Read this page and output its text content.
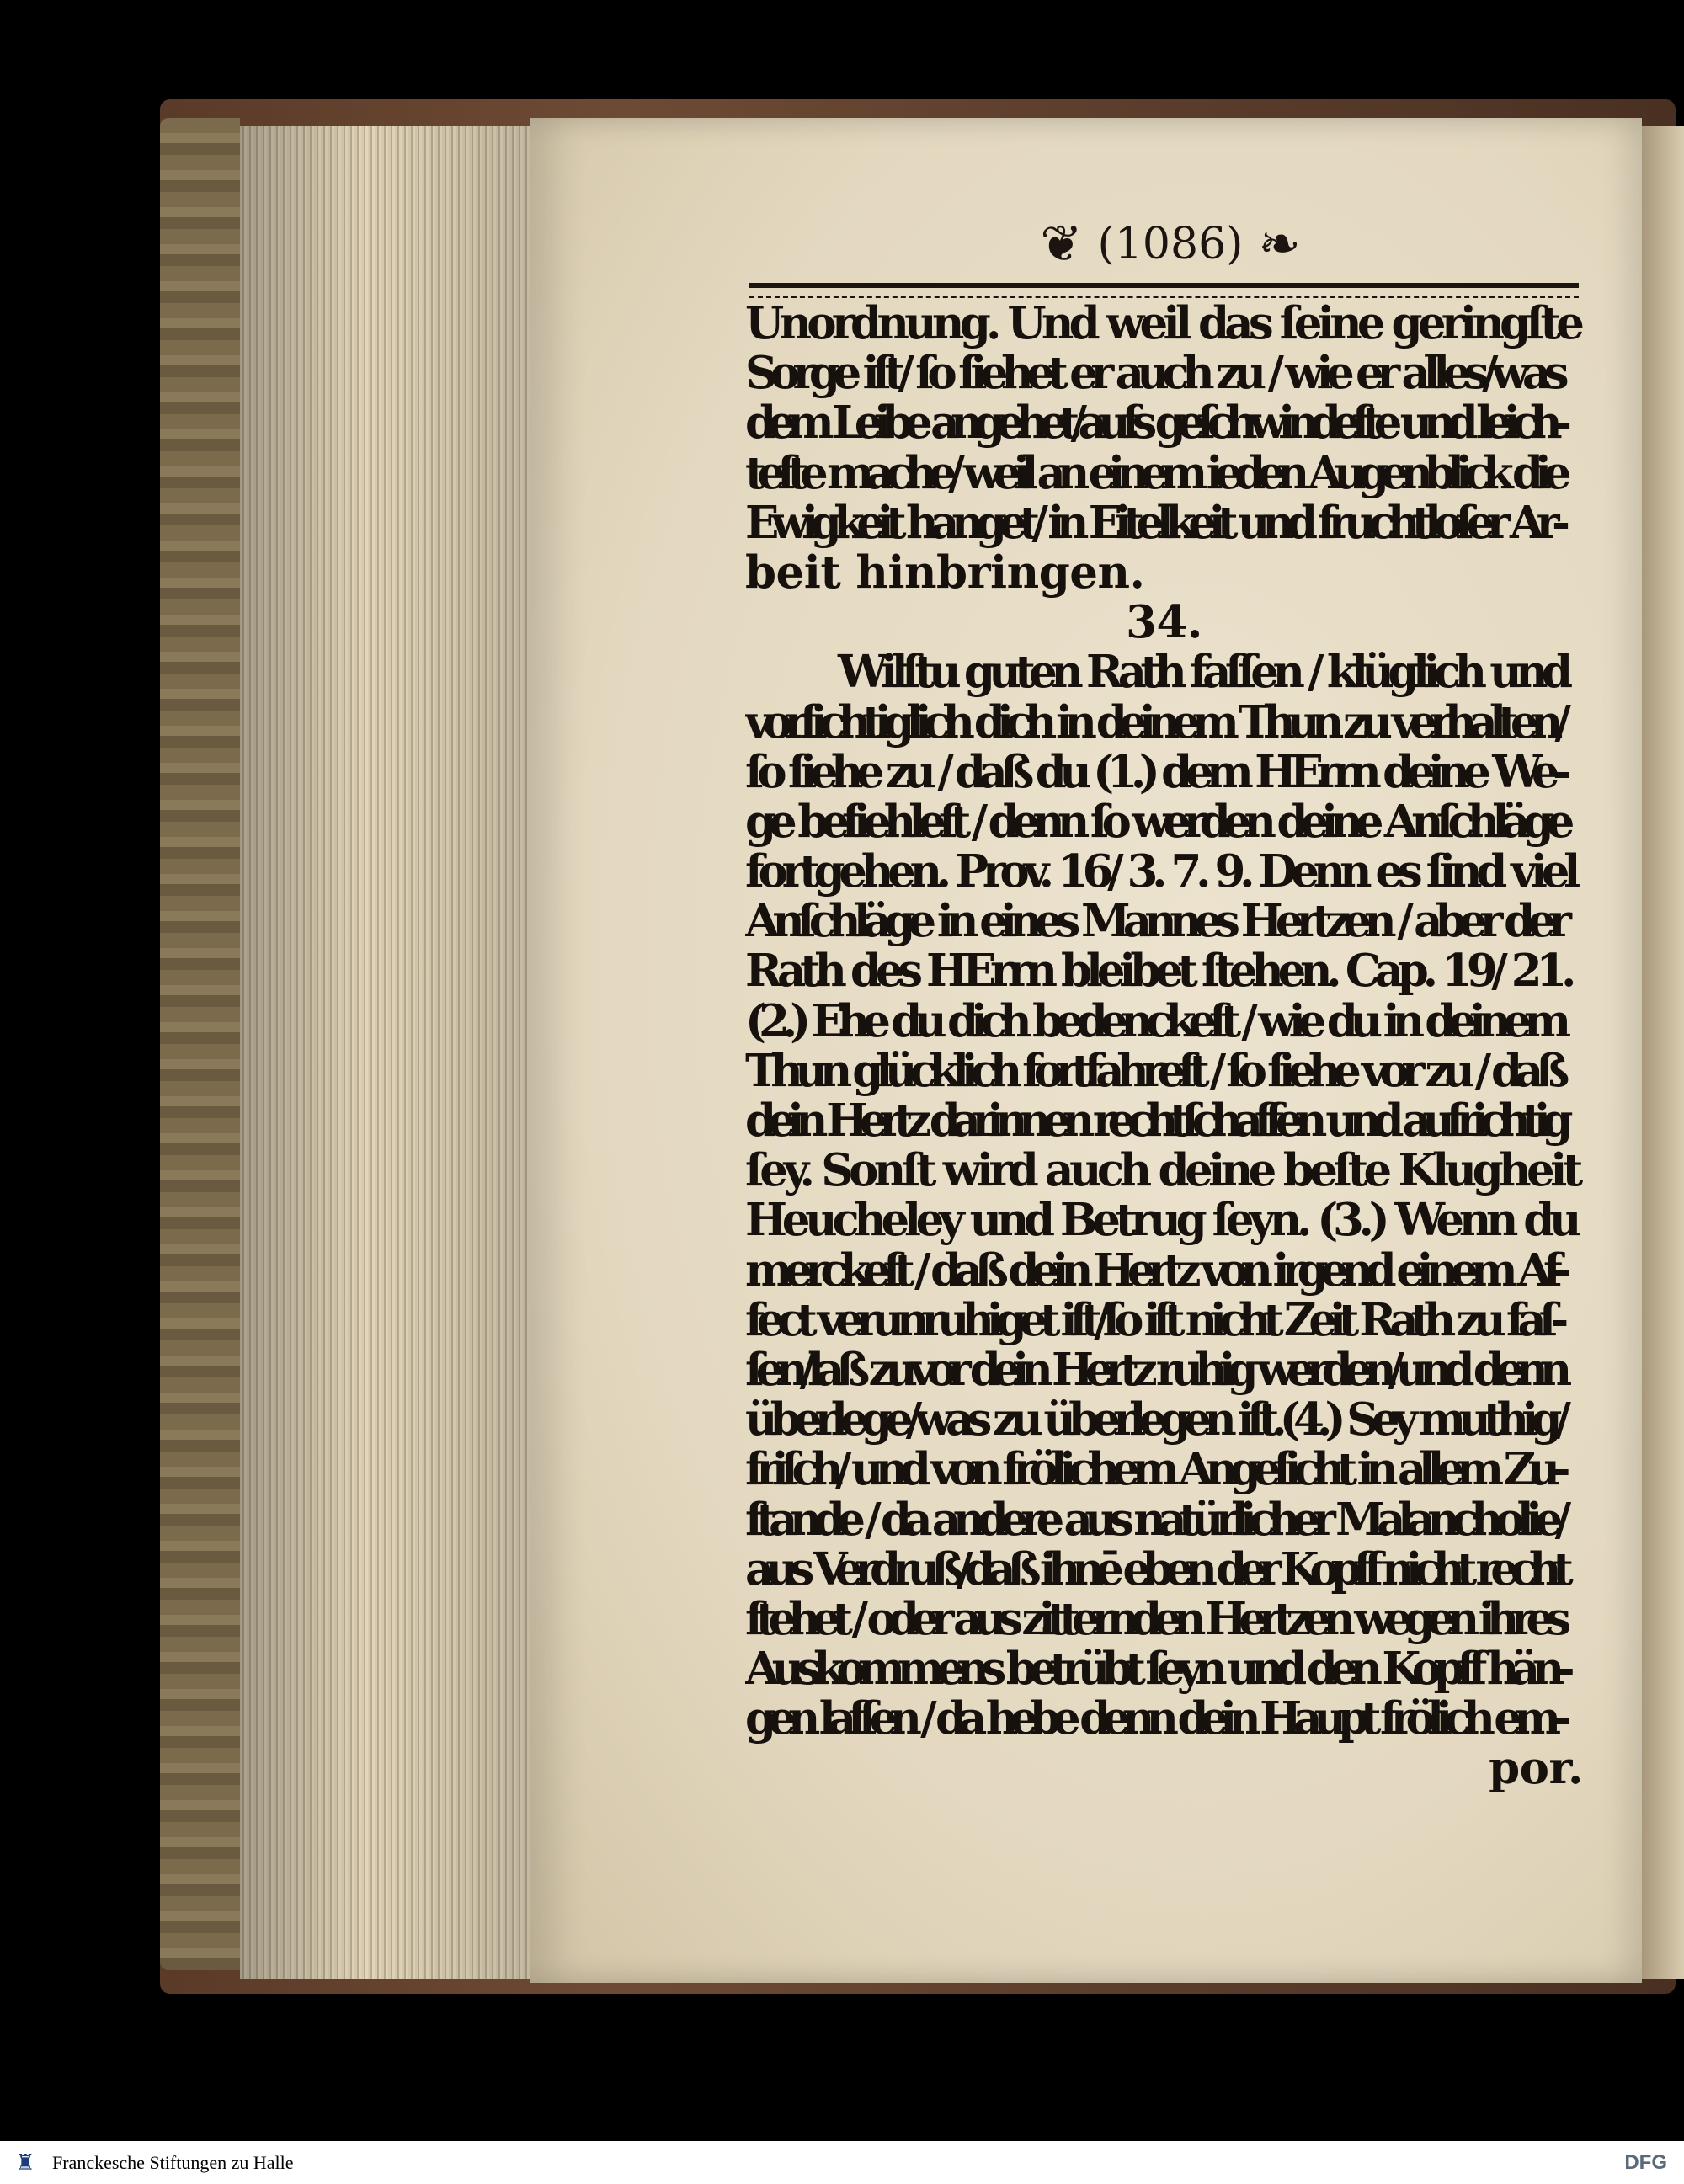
❦ (1086) ❧
Unordnung. Und weil das ſeine geringſte
Sorge iſt/ ſo ſiehet er auch zu / wie er alles/was
dem Leibe angehet/aufs geſchwindeſte und leich-
teſte mache/ weil an einem ieden Augenblick die
Ewigkeit hanget/ in Eitelkeit und fruchtloſer Ar-
beit hinbringen.
34.
Wilſtu guten Rath faſſen / klüglich und
vorſichtiglich dich in deinem Thun zu verhalten/
ſo ſiehe zu / daß du (1.) dem HErrn deine We-
ge befiehleſt / denn ſo werden deine Anſchläge
fortgehen. Prov. 16/ 3. 7. 9. Denn es ſind viel
Anſchläge in eines Mannes Hertzen / aber der
Rath des HErrn bleibet ſtehen. Cap. 19/ 21.
(2.) Ehe du dich bedenckeſt / wie du in deinem
Thun glücklich fortfahreſt / ſo ſiehe vor zu / daß
dein Hertz darinnen rechtſchaffen und aufrichtig
ſey. Sonſt wird auch deine beſte Klugheit
Heucheley und Betrug ſeyn. (3.) Wenn du
merckeſt / daß dein Hertz von irgend einem Af-
fect verunruhiget iſt/ſo iſt nicht Zeit Rath zu faſ-
ſen/laß zuvor dein Hertz ruhig werden/und denn
überlege/was zu überlegen iſt.(4.) Sey muthig/
friſch/ und von frölichem Angeſicht in allem Zu-
ſtande / da andere aus natürlicher Malancholie/
aus Verdruß/daß ihnē eben der Kopff nicht recht
ſtehet / oder aus zitternden Hertzen wegen ihres
Auskommens betrübt ſeyn und den Kopff hän-
gen laſſen / da hebe denn dein Haupt frölich em-
por.
♜ Franckesche Stiftungen zu Halle	DFG
